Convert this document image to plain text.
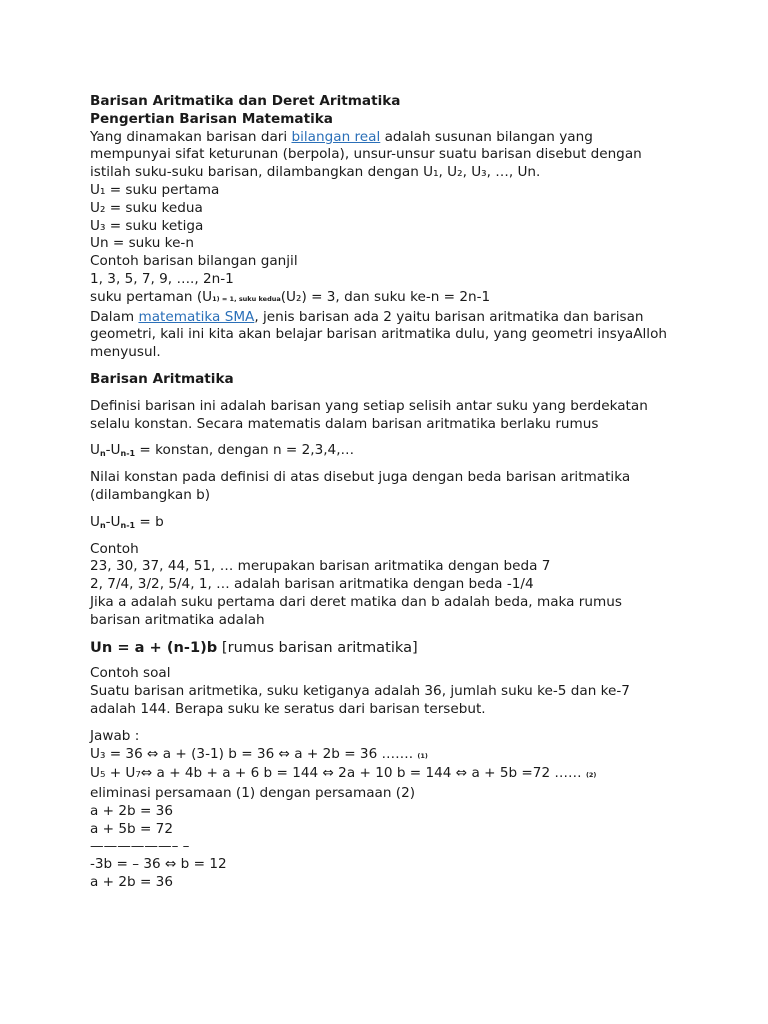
Barisan Aritmatika dan Deret Aritmatika
Pengertian Barisan Matematika
Yang dinamakan barisan dari bilangan real adalah susunan bilangan yang
mempunyai sifat keturunan (berpola), unsur-unsur suatu barisan disebut dengan
istilah suku-suku barisan, dilambangkan dengan U₁, U₂, U₃, …, Un.
U₁ = suku pertama
U₂ = suku kedua
U₃ = suku ketiga
Un = suku ke-n
Contoh barisan bilangan ganjil
1, 3, 5, 7, 9, …., 2n-1
suku pertaman (U1) = 1, suku kedua(U₂) = 3, dan suku ke-n = 2n-1
Dalam matematika SMA, jenis barisan ada 2 yaitu barisan aritmatika dan barisan
geometri, kali ini kita akan belajar barisan aritmatika dulu, yang geometri insyaAlloh
menyusul.
Barisan Aritmatika
Definisi barisan ini adalah barisan yang setiap selisih antar suku yang berdekatan
selalu konstan. Secara matematis dalam barisan aritmatika berlaku rumus
$U_n-U_{n-1}$ = konstan, dengan n = 2,3,4,…
Nilai konstan pada definisi di atas disebut juga dengan beda barisan aritmatika
(dilambangkan b)
$U_n-U_{n-1} = b$
Contoh
23, 30, 37, 44, 51, … merupakan barisan aritmatika dengan beda 7
2, 7/4, 3/2, 5/4, 1, … adalah barisan aritmatika dengan beda -1/4
Jika a adalah suku pertama dari deret matika dan b adalah beda, maka rumus
barisan aritmatika adalah
Un = a + (n-1)b [rumus barisan aritmatika]
Contoh soal
Suatu barisan aritmetika, suku ketiganya adalah 36, jumlah suku ke-5 dan ke-7
adalah 144. Berapa suku ke seratus dari barisan tersebut.
Jawab :
U₃ = 36 ⇔ a + (3-1) b = 36 ⇔ a + 2b = 36 ……. (1)
U₅ + U₇⇔ a + 4b + a + 6 b = 144 ⇔ 2a + 10 b = 144 ⇔ a + 5b =72 …… (2)
eliminasi persamaan (1) dengan persamaan (2)
a + 2b = 36
a + 5b = 72
——————– –
-3b = – 36 ⇔ b = 12
a + 2b = 36
